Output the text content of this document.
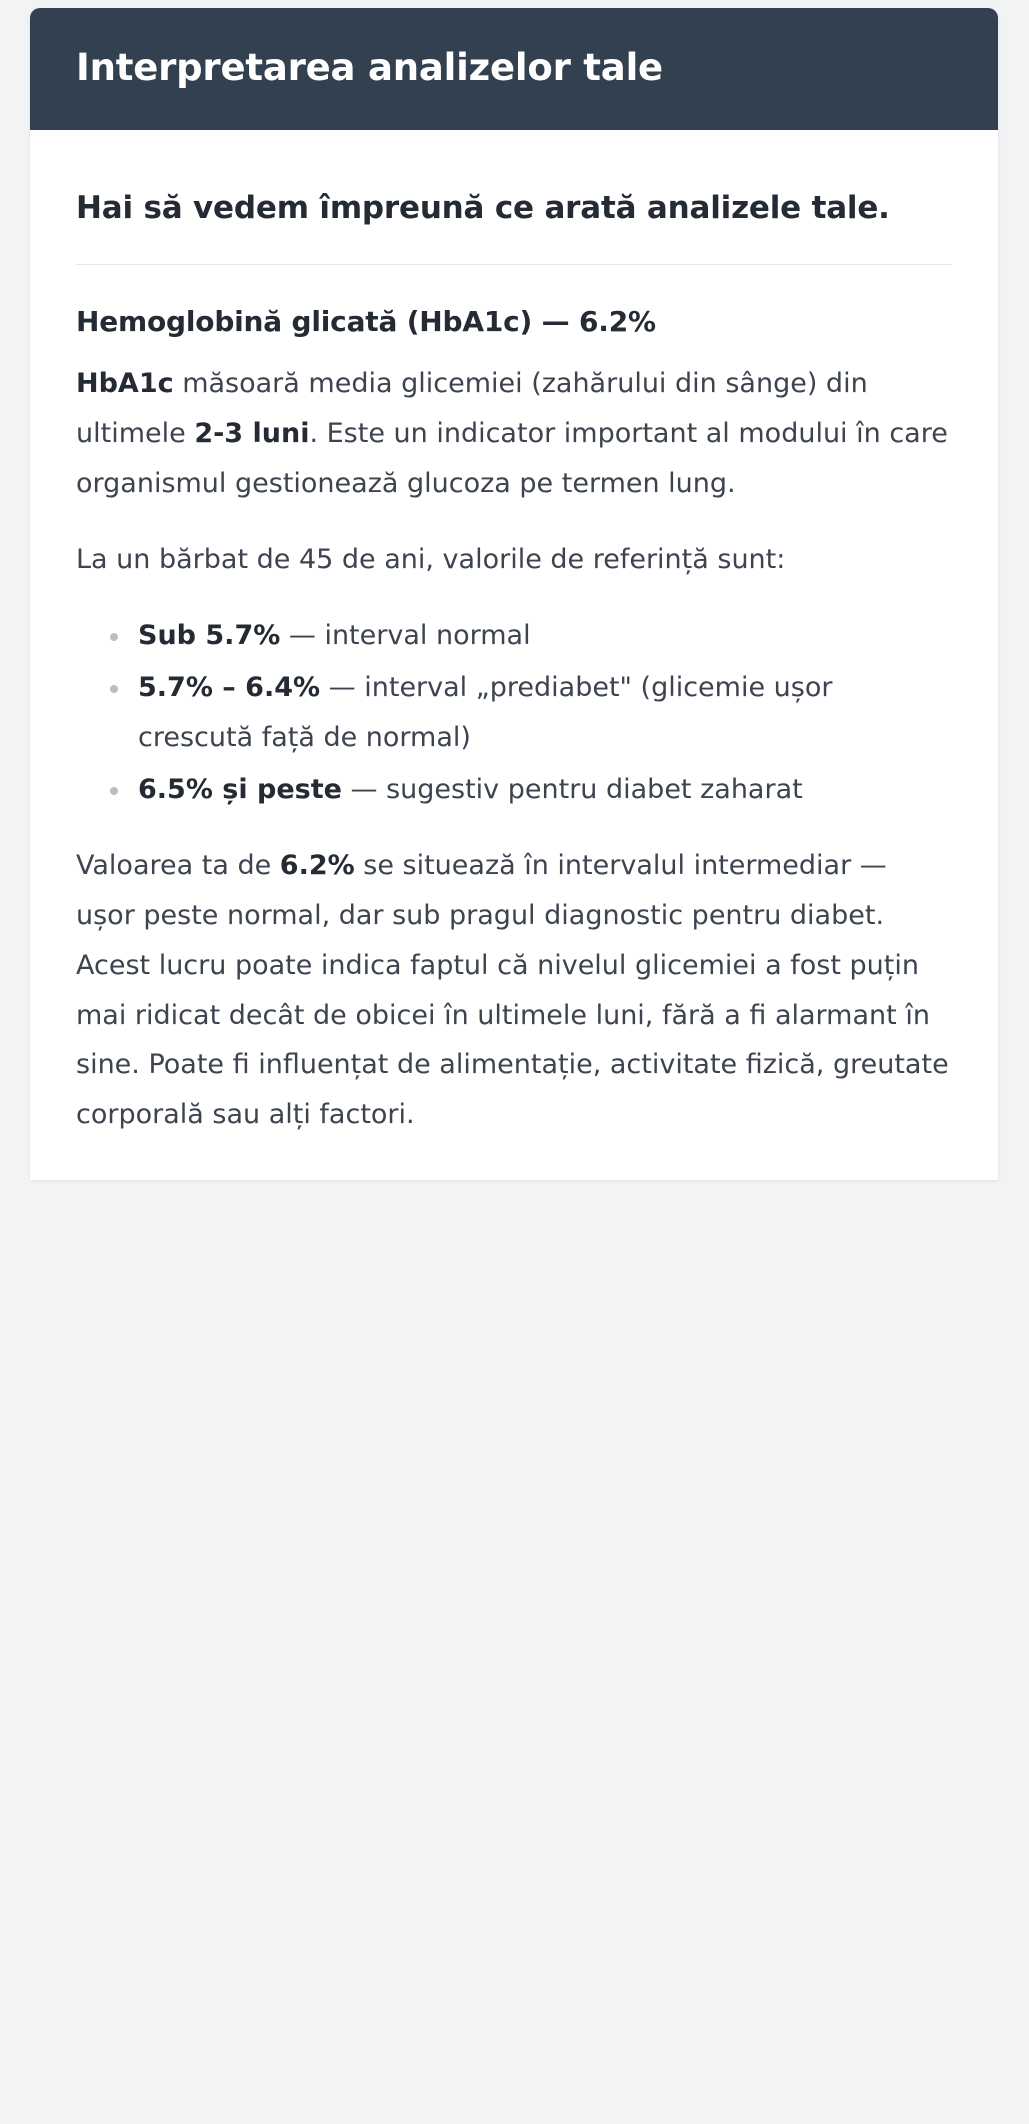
Interpretarea analizelor tale

Hai să vedem împreună ce arată analizele tale.

Hemoglobină glicată (HbA1c) — 6.2%

HbA1c măsoară media glicemiei (zahărului din sânge) din ultimele 2-3 luni. Este un indicator important al modului în care organismul gestionează glucoza pe termen lung.

La un bărbat de 45 de ani, valorile de referință sunt:

Sub 5.7% — interval normal
5.7% – 6.4% — interval „prediabet" (glicemie ușor crescută față de normal)
6.5% și peste — sugestiv pentru diabet zaharat

Valoarea ta de 6.2% se situează în intervalul intermediar — ușor peste normal, dar sub pragul diagnostic pentru diabet. Acest lucru poate indica faptul că nivelul glicemiei a fost puțin mai ridicat decât de obicei în ultimele luni, fără a fi alarmant în sine. Poate fi influențat de alimentație, activitate fizică, greutate corporală sau alți factori.
